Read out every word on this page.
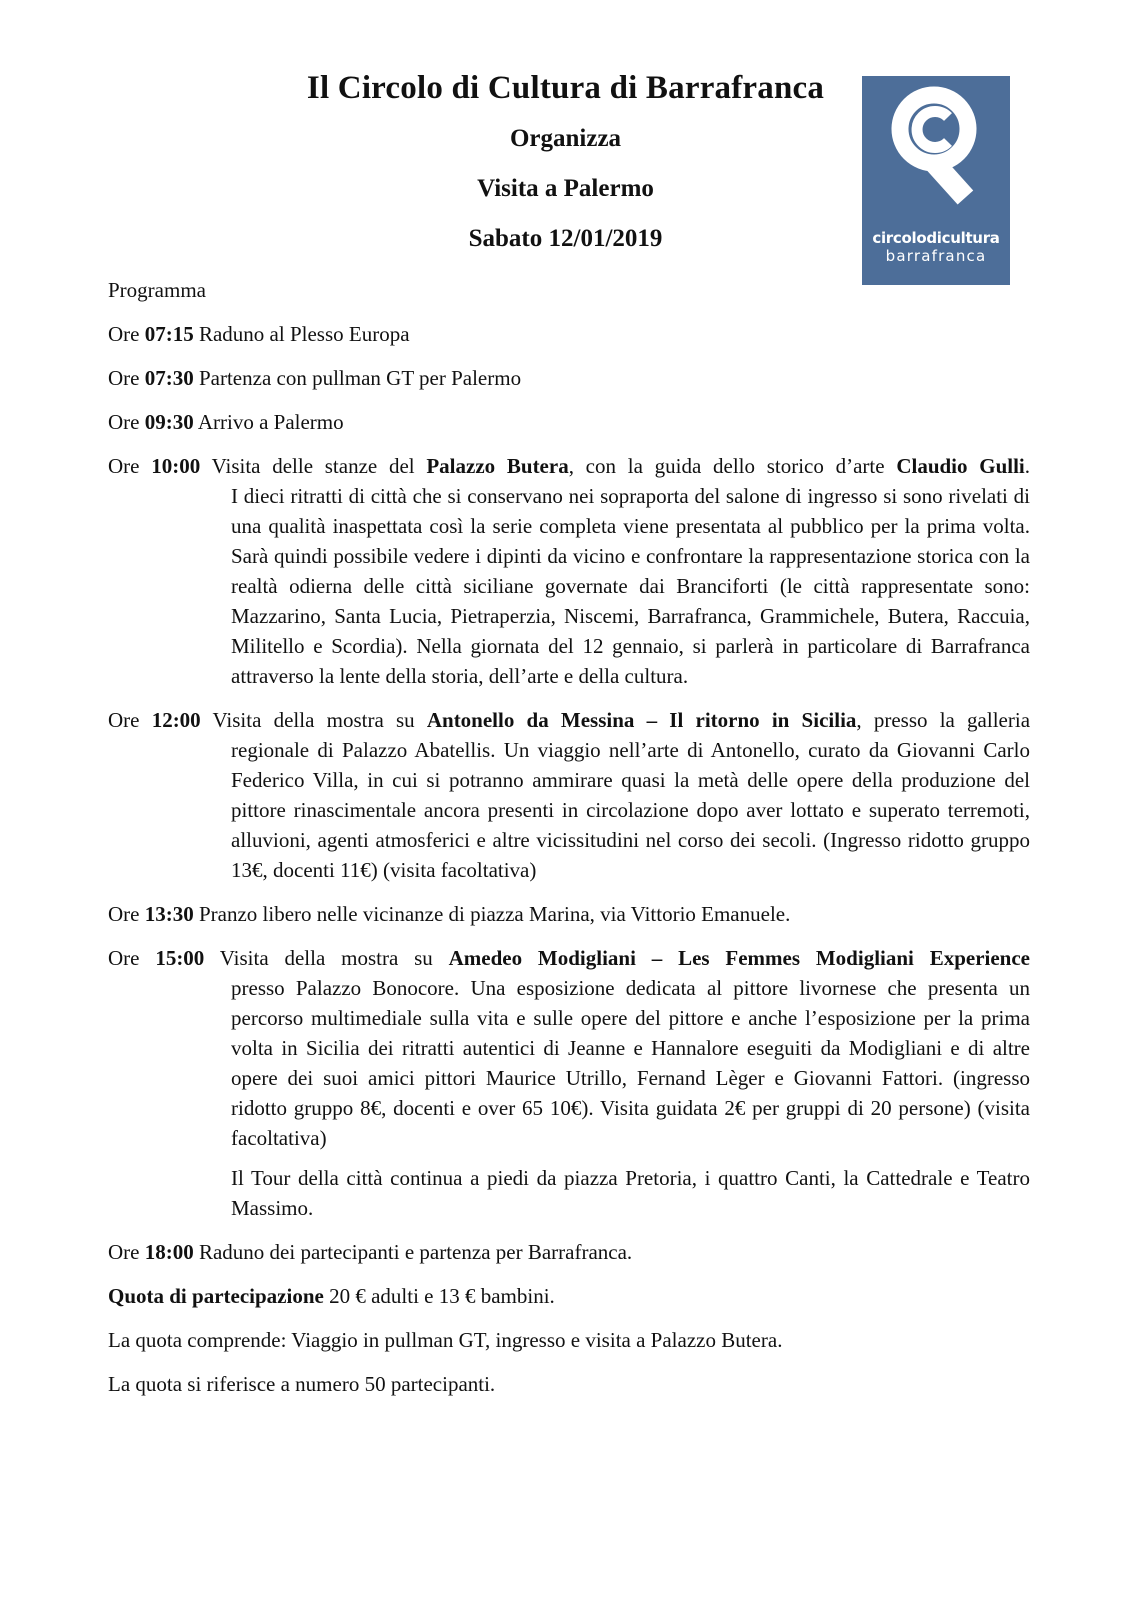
Il Circolo di Cultura di Barrafranca
Organizza
Visita a Palermo
Sabato 12/01/2019	circolodicultura
barrafranca
Programma
Ore 07:15 Raduno al Plesso Europa
Ore 07:30 Partenza con pullman GT per Palermo
Ore 09:30 Arrivo a Palermo
Ore 10:00 Visita delle stanze del Palazzo Butera, con la guida dello storico d’arte Claudio Gulli.
I dieci ritratti di città che si conservano nei sopraporta del salone di ingresso si sono rivelati di una qualità inaspettata così la serie completa viene presentata al pubblico per la prima volta. Sarà quindi possibile vedere i dipinti da vicino e confrontare la rappresentazione storica con la realtà odierna delle città siciliane governate dai Branciforti (le città rappresentate sono: Mazzarino, Santa Lucia, Pietraperzia, Niscemi, Barrafranca, Grammichele, Butera, Raccuia, Militello e Scordia). Nella giornata del 12 gennaio, si parlerà in particolare di Barrafranca attraverso la lente della storia, dell’arte e della cultura.
Ore 12:00 Visita della mostra su Antonello da Messina – Il ritorno in Sicilia, presso la galleria
regionale di Palazzo Abatellis. Un viaggio nell’arte di Antonello, curato da Giovanni Carlo Federico Villa, in cui si potranno ammirare quasi la metà delle opere della produzione del pittore rinascimentale ancora presenti in circolazione dopo aver lottato e superato terremoti, alluvioni, agenti atmosferici e altre vicissitudini nel corso dei secoli. (Ingresso ridotto gruppo 13€, docenti 11€) (visita facoltativa)
Ore 13:30 Pranzo libero nelle vicinanze di piazza Marina, via Vittorio Emanuele.
Ore 15:00 Visita della mostra su Amedeo Modigliani – Les Femmes Modigliani Experience
presso Palazzo Bonocore. Una esposizione dedicata al pittore livornese che presenta un percorso multimediale sulla vita e sulle opere del pittore e anche l’esposizione per la prima volta in Sicilia dei ritratti autentici di Jeanne e Hannalore eseguiti da Modigliani e di altre opere dei suoi amici pittori Maurice Utrillo, Fernand Lèger e Giovanni Fattori. (ingresso ridotto gruppo 8€, docenti e over 65 10€). Visita guidata 2€ per gruppi di 20 persone) (visita facoltativa)
Il Tour della città continua a piedi da piazza Pretoria, i quattro Canti, la Cattedrale e Teatro Massimo.
Ore 18:00 Raduno dei partecipanti e partenza per Barrafranca.
Quota di partecipazione 20 € adulti e 13 € bambini.
La quota comprende: Viaggio in pullman GT, ingresso e visita a Palazzo Butera.
La quota si riferisce a numero 50 partecipanti.
